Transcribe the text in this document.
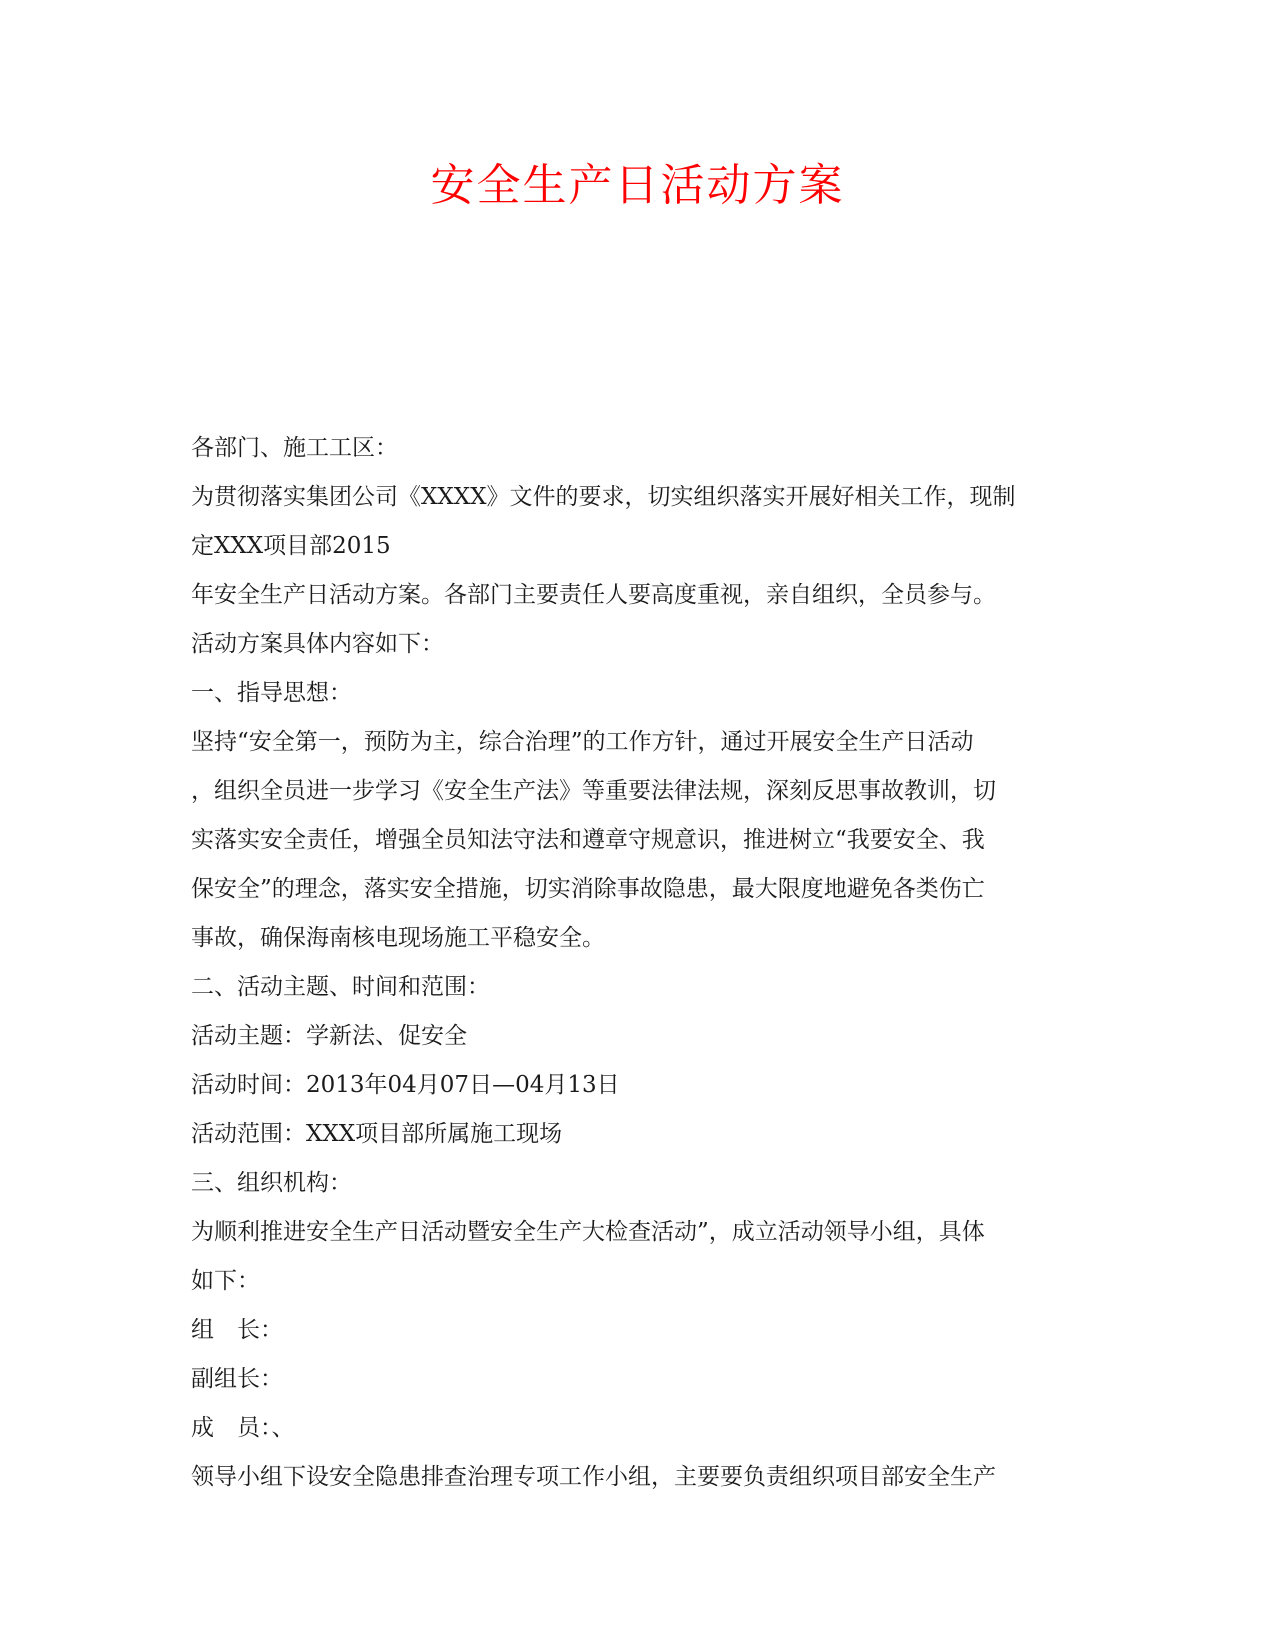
安全生产日活动方案

各部门、施工工区：

为贯彻落实集团公司《XXXX》文件的要求，切实组织落实开展好相关工作，现制

定XXX项目部2015

年安全生产日活动方案。各部门主要责任人要高度重视，亲自组织，全员参与。

活动方案具体内容如下：

一、指导思想：

坚持“安全第一，预防为主，综合治理”的工作方针，通过开展安全生产日活动

，组织全员进一步学习《安全生产法》等重要法律法规，深刻反思事故教训，切

实落实安全责任，增强全员知法守法和遵章守规意识，推进树立“我要安全、我

保安全”的理念，落实安全措施，切实消除事故隐患，最大限度地避免各类伤亡

事故，确保海南核电现场施工平稳安全。

二、活动主题、时间和范围：

活动主题：学新法、促安全

活动时间：2013年04月07日—04月13日

活动范围：XXX项目部所属施工现场

三、组织机构：

为顺利推进安全生产日活动暨安全生产大检查活动”，成立活动领导小组，具体

如下：

组　长：

副组长：

成　员：、

领导小组下设安全隐患排查治理专项工作小组，主要要负责组织项目部安全生产
